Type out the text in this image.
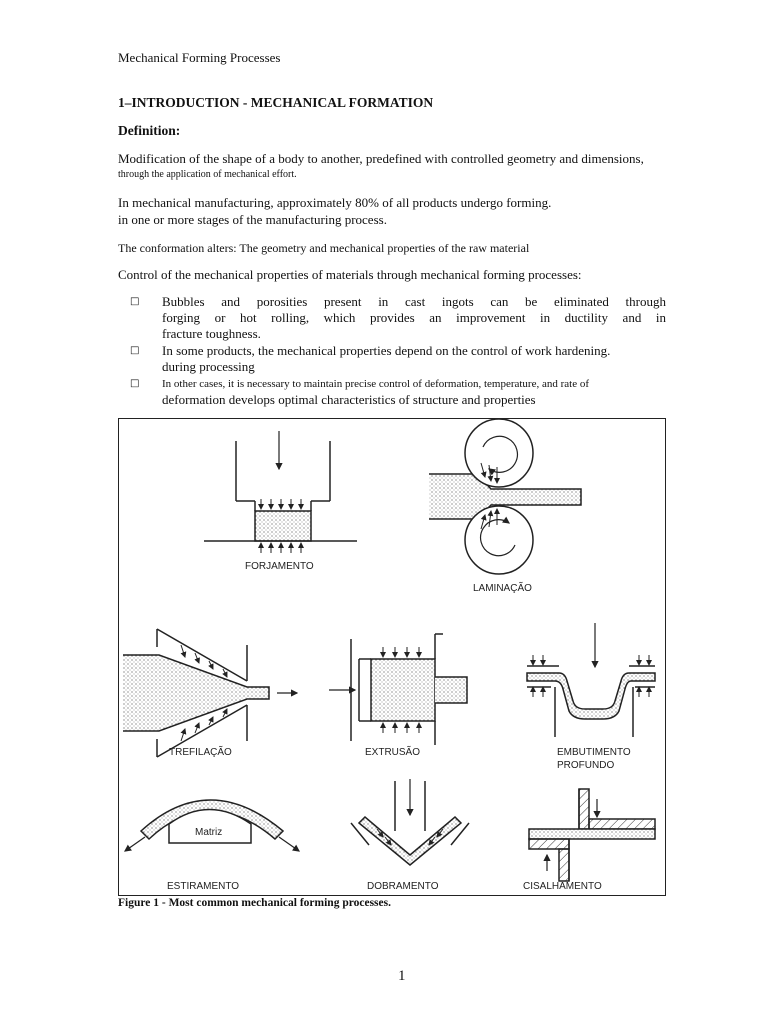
Mechanical Forming Processes
1–INTRODUCTION - MECHANICAL FORMATION
Definition:
Modification of the shape of a body to another, predefined with controlled geometry and dimensions,
through the application of mechanical effort.
In mechanical manufacturing, approximately 80% of all products undergo forming.
in one or more stages of the manufacturing process.
The conformation alters: The geometry and mechanical properties of the raw material
Control of the mechanical properties of materials through mechanical forming processes:
□ Bubbles and porosities present in cast ingots can be eliminated through
forging or hot rolling, which provides an improvement in ductility and in
fracture toughness.
□ In some products, the mechanical properties depend on the control of work hardening.
during processing
□ In other cases, it is necessary to maintain precise control of deformation, temperature, and rate of
deformation develops optimal characteristics of structure and properties
FORJAMENTO
LAMINAÇÃO
TREFILAÇÃO	EXTRUSÃO	EMBUTIMENTO
PROFUNDO
Matriz
ESTIRAMENTO	DOBRAMENTO	CISALHAMENTO
Figure 1 - Most common mechanical forming processes.
1
